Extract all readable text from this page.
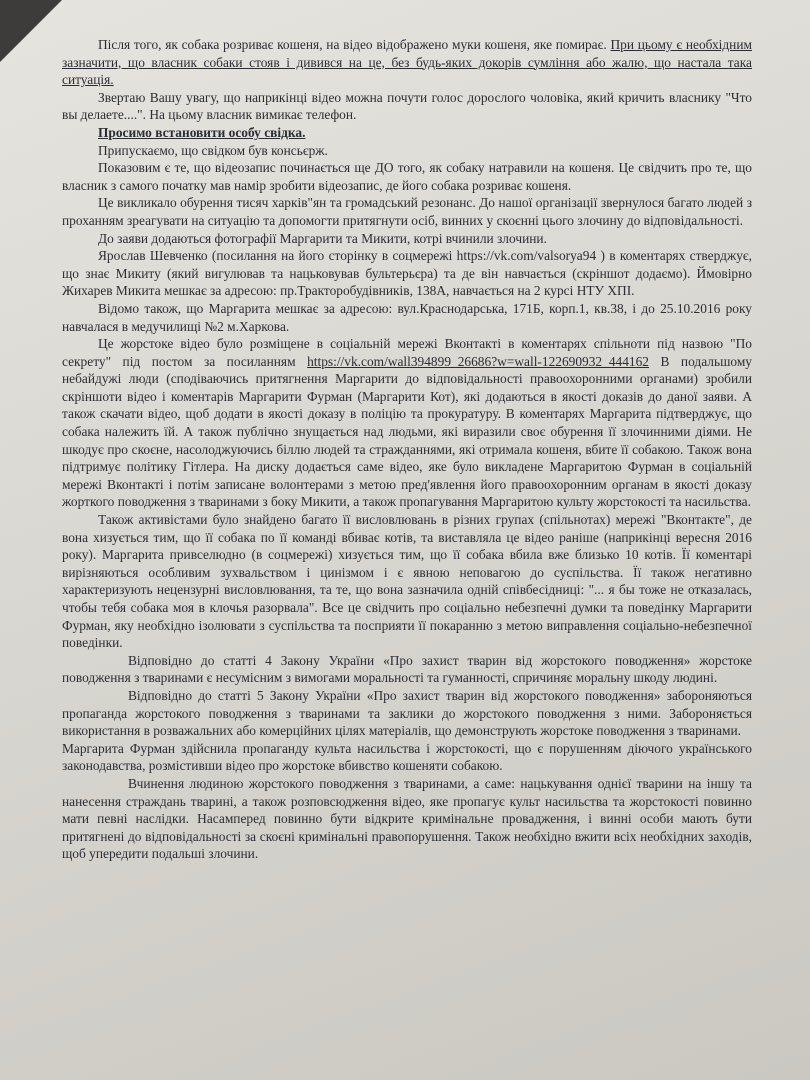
Після того, як собака розриває кошеня, на відео відображено муки кошеня, яке помирає. При цьому є необхідним зазначити, що власник собаки стояв і дивився на це, без будь-яких докорів сумління або жалю, що настала така ситуація.

Звертаю Вашу увагу, що наприкінці відео можна почути голос дорослого чоловіка, який кричить власнику "Что вы делаете....". На цьому власник вимикає телефон.

Просимо встановити особу свідка.

Припускаємо, що свідком був консьєрж.

Показовим є те, що відеозапис починається ще ДО того, як собаку натравили на кошеня. Це свідчить про те, що власник з самого початку мав намір зробити відеозапис, де його собака розриває кошеня.

Це викликало обурення тисяч харків"ян та громадський резонанс. До нашої організації звернулося багато людей з проханням зреагувати на ситуацію та допомогти притягнути осіб, винних у скоєнні цього злочину до відповідальності.

До заяви додаються фотографії Маргарити та Микити, котрі вчинили злочини.

Ярослав Шевченко (посилання на його сторінку в соцмережі https://vk.com/valsorya94 ) в коментарях стверджує, що знає Микиту (який вигулював та нацьковував бультерьєра) та де він навчається (скріншот додаємо). Ймовірно Жихарев Микита мешкає за адресою: пр.Тракторобудівників, 138А, навчається на 2 курсі НТУ ХПІ.

Відомо також, що Маргарита мешкає за адресою: вул.Краснодарська, 171Б, корп.1, кв.38, і до 25.10.2016 року навчалася в медучилищі №2 м.Харкова.

Це жорстоке відео було розміщене в соціальній мережі Вконтакті в коментарях спільноти під назвою "По секрету" під постом за посиланням https://vk.com/wall394899_26686?w=wall-122690932_444162 В подальшому небайдужі люди (сподіваючись притягнення Маргарити до відповідальності правоохоронними органами) зробили скріншоти відео і коментарів Маргарити Фурман (Маргарити Кот), які додаються в якості доказів до даної заяви. А також скачати відео, щоб додати в якості доказу в поліцію та прокуратуру. В коментарях Маргарита підтверджує, що собака належить їй. А також публічно знущається над людьми, які виразили своє обурення її злочинними діями. Не шкодує про скоєне, насолоджуючись біллю людей та стражданнями, які отримала кошеня, вбите її собакою. Також вона підтримує політику Гітлера. На диску додається саме відео, яке було викладене Маргаритою Фурман в соціальній мережі Вконтакті і потім записане волонтерами з метою пред'явлення його правоохоронним органам в якості доказу жорткого поводження з тваринами з боку Микити, а також пропагування Маргаритою культу жорстокості та насильства.

Також активістами було знайдено багато її висловлювань в різних групах (спільнотах) мережі "Вконтакте", де вона хизується тим, що її собака по її команді вбиває котів, та виставляла це відео раніше (наприкінці вересня 2016 року). Маргарита привселюдно (в соцмережі) хизується тим, що її собака вбила вже близько 10 котів. Її коментарі вирізняються особливим зухвальством і цинізмом і є явною неповагою до суспільства. Її також негативно характеризують нецензурні висловлювання, та те, що вона зазначила одній співбесідниці: "... я бы тоже не отказалась, чтобы тебя собака моя в клочья разорвала". Все це свідчить про соціально небезпечні думки та поведінку Маргарити Фурман, яку необхідно ізолювати з суспільства та посприяти її покаранню з метою виправлення соціально-небезпечної поведінки.

Відповідно до статті 4 Закону України «Про захист тварин від жорстокого поводження» жорстоке поводження з тваринами є несумісним з вимогами моральності та гуманності, спричиняє моральну шкоду людині.

Відповідно до статті 5 Закону України «Про захист тварин від жорстокого поводження» забороняються пропаганда жорстокого поводження з тваринами та заклики до жорстокого поводження з ними. Забороняється використання в розважальних або комерційних цілях матеріалів, що демонструють жорстоке поводження з тваринами.

Маргарита Фурман здійснила пропаганду культа насильства і жорстокості, що є порушенням діючого українського законодавства, розмістивши відео про жорстоке вбивство кошеняти собакою.

Вчинення людиною жорстокого поводження з тваринами, а саме: нацькування однієї тварини на іншу та нанесення страждань тварині, а також розповсюдження відео, яке пропагує культ насильства та жорстокості повинно мати певні наслідки. Насамперед повинно бути відкрите кримінальне провадження, і винні особи мають бути притягнені до відповідальності за скоєні кримінальні правопорушення. Також необхідно вжити всіх необхідних заходів, щоб упередити подальші злочини.
